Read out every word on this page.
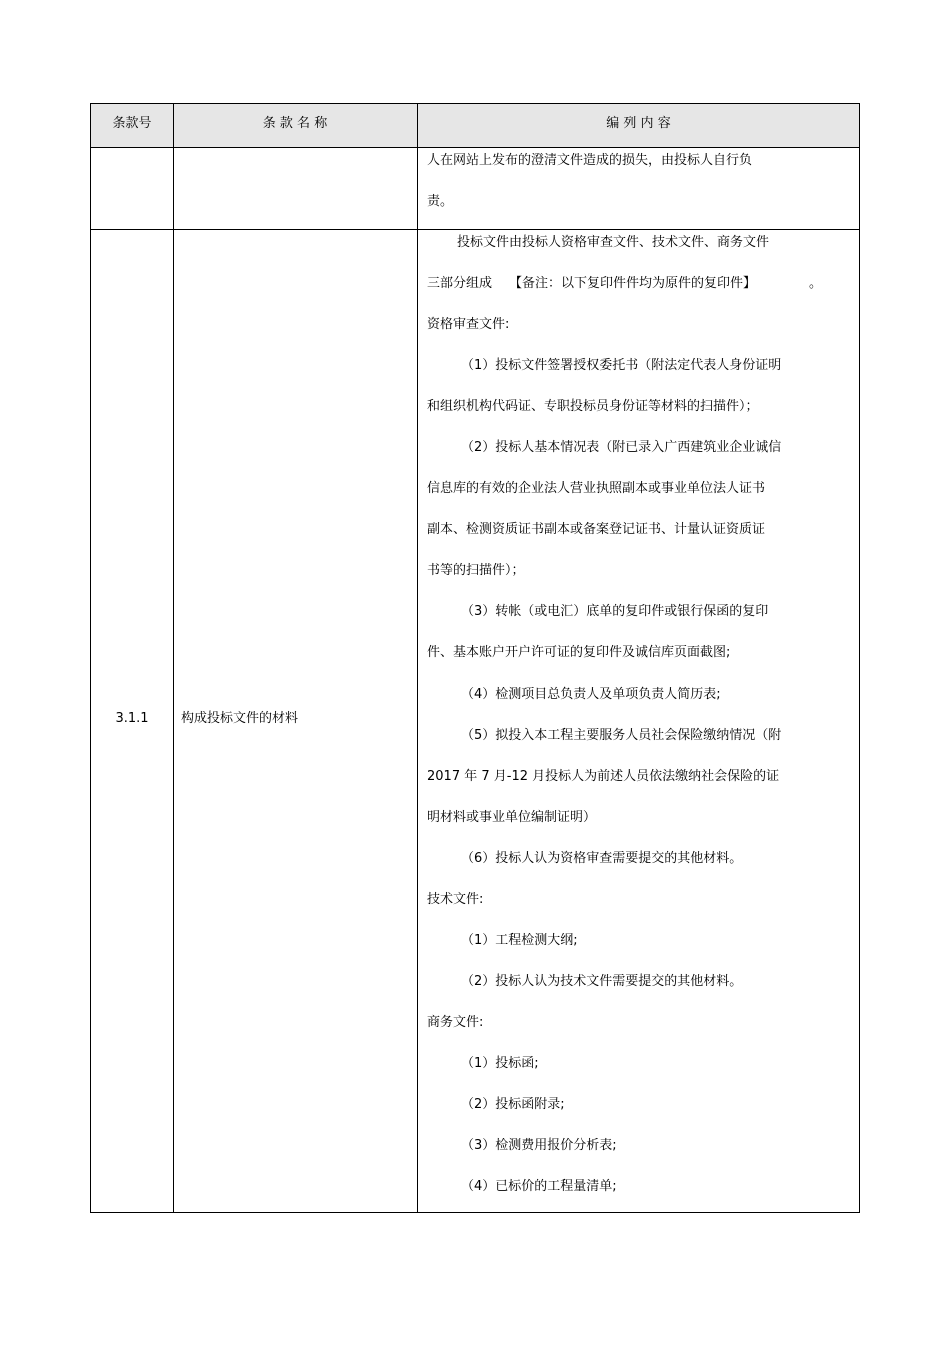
条款号	条 款 名 称	编 列 内 容
人在网站上发布的澄清文件造成的损失，由投标人自行负
责。
3.1.1	构成投标文件的材料
投标文件由投标人资格审查文件、技术文件、商务文件
三部分组成 【备注：以下复印件件均为原件的复印件】	。
资格审查文件:
（1）投标文件签署授权委托书（附法定代表人身份证明
和组织机构代码证、专职投标员身份证等材料的扫描件）；
（2）投标人基本情况表（附已录入广西建筑业企业诚信
信息库的有效的企业法人营业执照副本或事业单位法人证书
副本、检测资质证书副本或备案登记证书、计量认证资质证
书等的扫描件）；
（3）转帐（或电汇）底单的复印件或银行保函的复印
件、基本账户开户许可证的复印件及诚信库页面截图;
（4）检测项目总负责人及单项负责人简历表;
（5）拟投入本工程主要服务人员社会保险缴纳情况（附
2017 年 7 月-12 月投标人为前述人员依法缴纳社会保险的证
明材料或事业单位编制证明）
（6）投标人认为资格审查需要提交的其他材料。
技术文件:
（1）工程检测大纲;
（2）投标人认为技术文件需要提交的其他材料。
商务文件:
（1）投标函;
（2）投标函附录;
（3）检测费用报价分析表;
（4）已标价的工程量清单;
